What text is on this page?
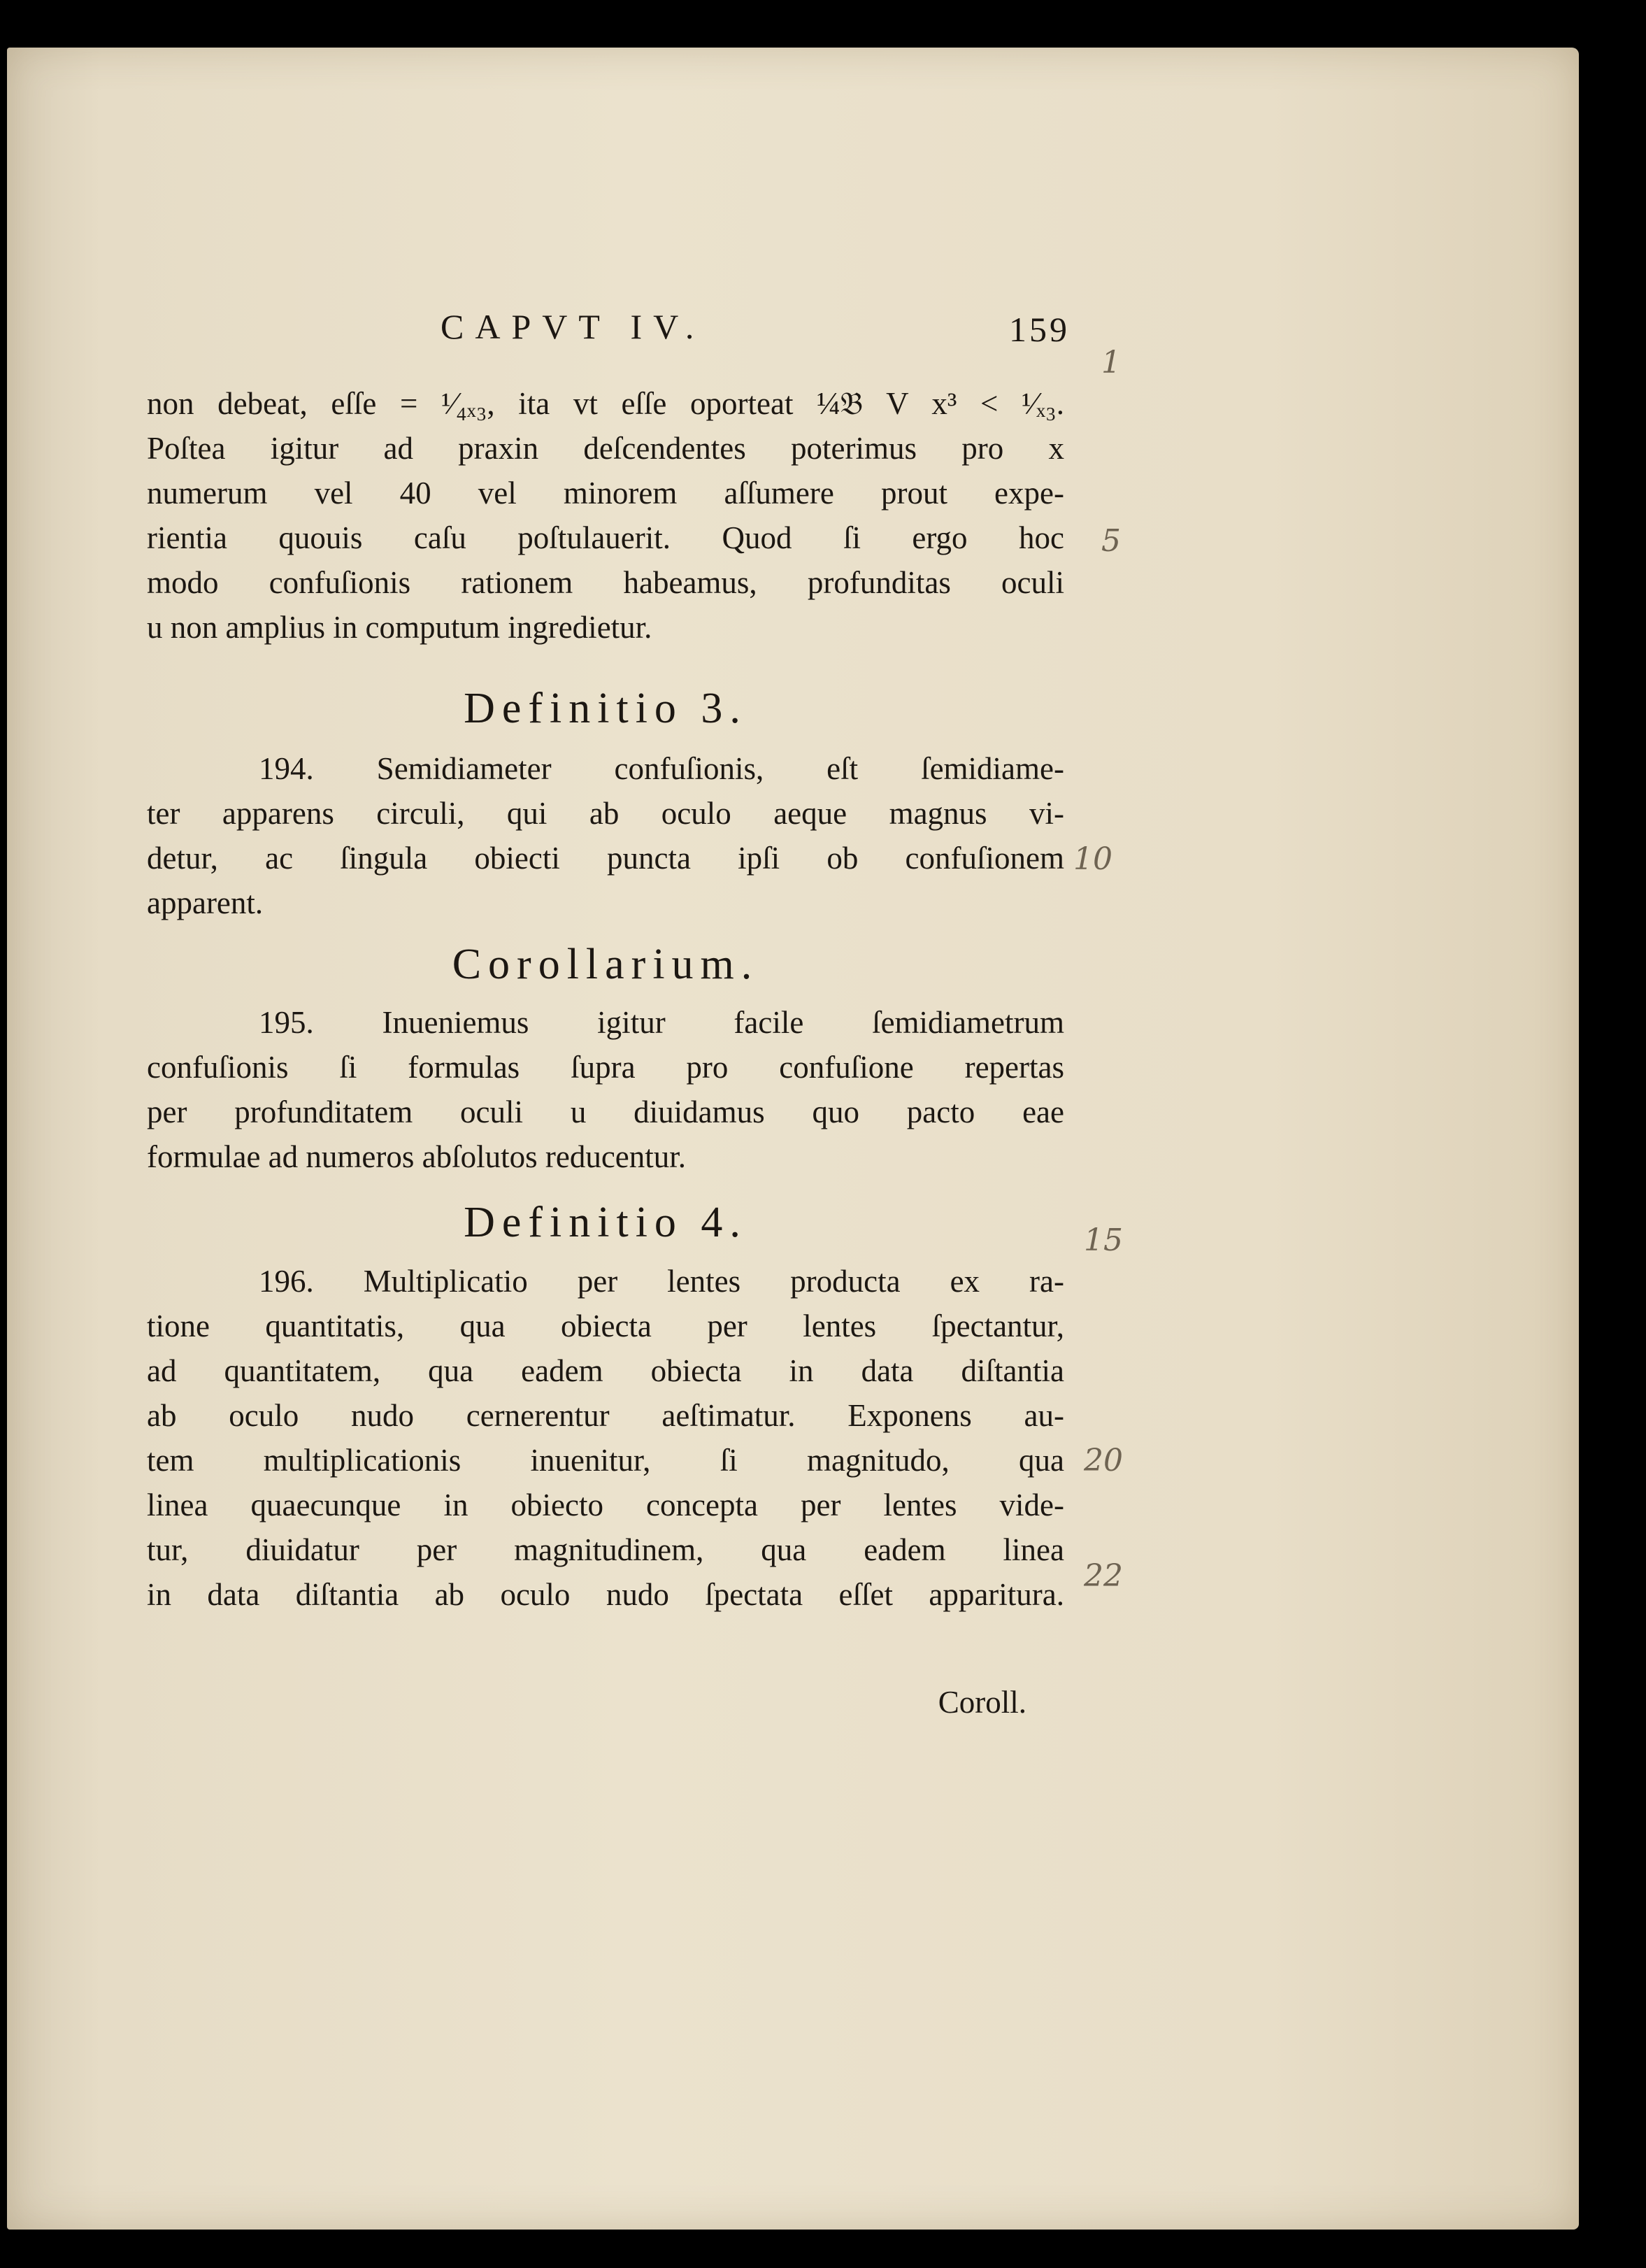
CAPVT IV.	159
non debeat, eſſe = ¹⁄₄ₓ₃, ita vt eſſe oporteat ¼𝔅 V x³ < ¹⁄ₓ₃.
Poſtea igitur ad praxin deſcendentes poterimus pro x
numerum vel 40 vel minorem aſſumere prout expe-
rientia quouis caſu poſtulauerit. Quod ſi ergo hoc
modo confuſionis rationem habeamus, profunditas oculi
u non amplius in computum ingredietur.
Definitio 3.
194. Semidiameter confuſionis, eſt ſemidiame-
ter apparens circuli, qui ab oculo aeque magnus vi-
detur, ac ſingula obiecti puncta ipſi ob confuſionem
apparent.
Corollarium.
195. Inueniemus igitur facile ſemidiametrum
confuſionis ſi formulas ſupra pro confuſione repertas
per profunditatem oculi u diuidamus quo pacto eae
formulae ad numeros abſolutos reducentur.
Definitio 4.
196. Multiplicatio per lentes producta ex ra-
tione quantitatis, qua obiecta per lentes ſpectantur,
ad quantitatem, qua eadem obiecta in data diſtantia
ab oculo nudo cernerentur aeſtimatur. Exponens au-
tem multiplicationis inuenitur, ſi magnitudo, qua
linea quaecunque in obiecto concepta per lentes vide-
tur, diuidatur per magnitudinem, qua eadem linea
in data diſtantia ab oculo nudo ſpectata eſſet apparitura.
Coroll.
1
5
10
15
20
22
